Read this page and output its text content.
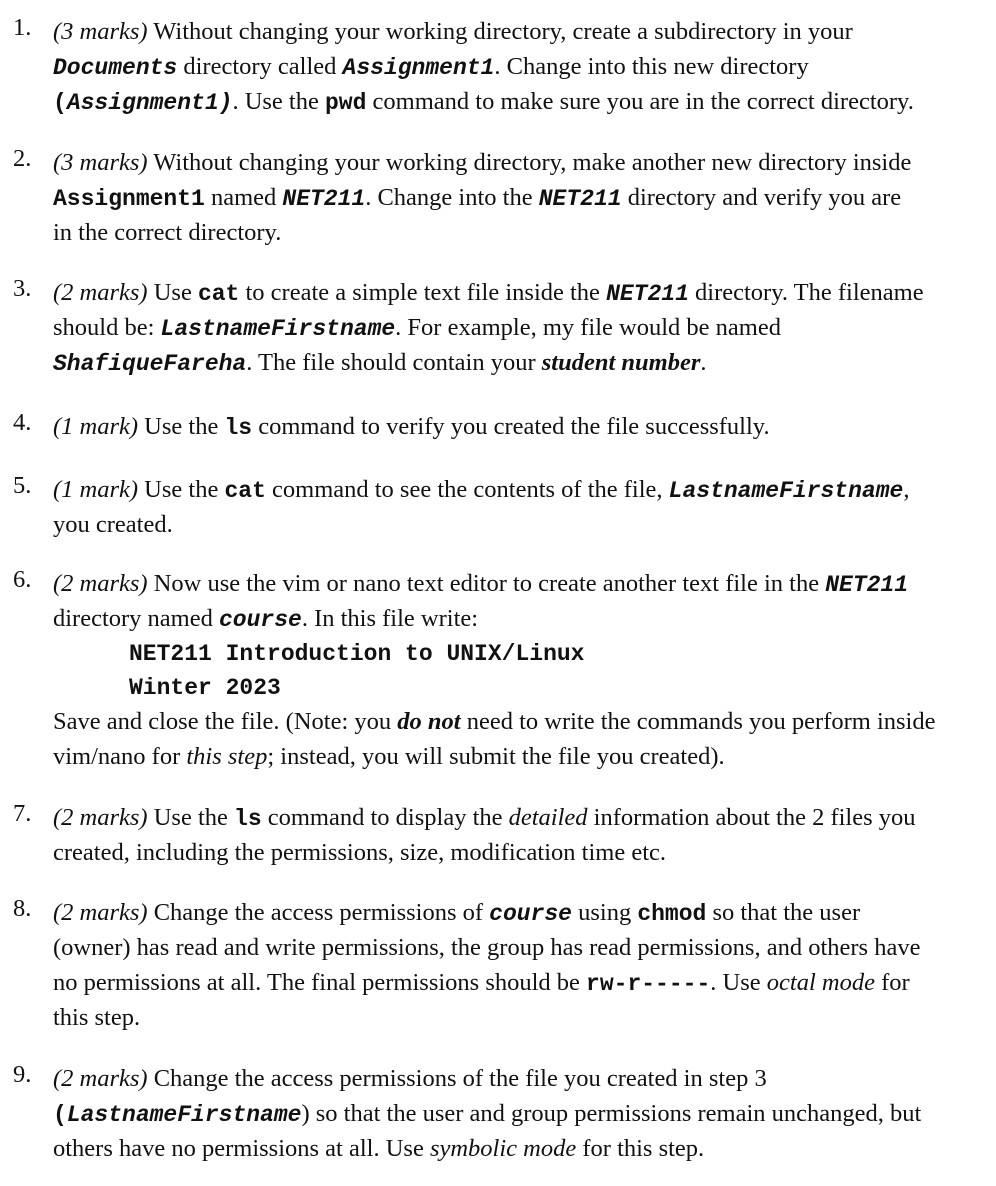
1. (3 marks) Without changing your working directory, create a subdirectory in your
Documents directory called Assignment1. Change into this new directory
(Assignment1). Use the pwd command to make sure you are in the correct directory.
2. (3 marks) Without changing your working directory, make another new directory inside
Assignment1 named NET211. Change into the NET211 directory and verify you are
in the correct directory.
3. (2 marks) Use cat to create a simple text file inside the NET211 directory. The filename
should be: LastnameFirstname. For example, my file would be named
ShafiqueFareha. The file should contain your student number.
4. (1 mark) Use the ls command to verify you created the file successfully.
5. (1 mark) Use the cat command to see the contents of the file, LastnameFirstname,
you created.
6. (2 marks) Now use the vim or nano text editor to create another text file in the NET211
directory named course. In this file write:
NET211 Introduction to UNIX/Linux
Winter 2023
Save and close the file. (Note: you do not need to write the commands you perform inside
vim/nano for this step; instead, you will submit the file you created).
7. (2 marks) Use the ls command to display the detailed information about the 2 files you
created, including the permissions, size, modification time etc.
8. (2 marks) Change the access permissions of course using chmod so that the user
(owner) has read and write permissions, the group has read permissions, and others have
no permissions at all. The final permissions should be rw-r-----. Use octal mode for
this step.
9. (2 marks) Change the access permissions of the file you created in step 3
(LastnameFirstname) so that the user and group permissions remain unchanged, but
others have no permissions at all. Use symbolic mode for this step.
